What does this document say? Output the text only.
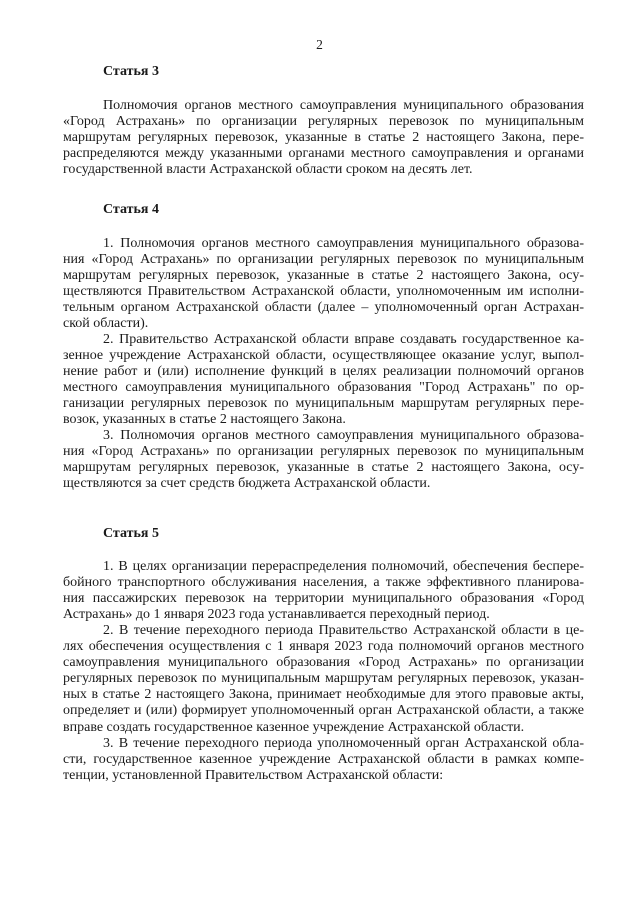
2
Статья 3
Полномочия органов местного самоуправления муниципального образования
«Город Астрахань» по организации регулярных перевозок по муниципальным
маршрутам регулярных перевозок, указанные в статье 2 настоящего Закона, пере-
распределяются между указанными органами местного самоуправления и органами
государственной власти Астраханской области сроком на десять лет.
Статья 4
1. Полномочия органов местного самоуправления муниципального образова-
ния «Город Астрахань» по организации регулярных перевозок по муниципальным
маршрутам регулярных перевозок, указанные в статье 2 настоящего Закона, осу-
ществляются Правительством Астраханской области, уполномоченным им исполни-
тельным органом Астраханской области (далее – уполномоченный орган Астрахан-
ской области).
2. Правительство Астраханской области вправе создавать государственное ка-
зенное учреждение Астраханской области, осуществляющее оказание услуг, выпол-
нение работ и (или) исполнение функций в целях реализации полномочий органов
местного самоуправления муниципального образования "Город Астрахань" по ор-
ганизации регулярных перевозок по муниципальным маршрутам регулярных пере-
возок, указанных в статье 2 настоящего Закона.
3. Полномочия органов местного самоуправления муниципального образова-
ния «Город Астрахань» по организации регулярных перевозок по муниципальным
маршрутам регулярных перевозок, указанные в статье 2 настоящего Закона, осу-
ществляются за счет средств бюджета Астраханской области.
Статья 5
1. В целях организации перераспределения полномочий, обеспечения беспере-
бойного транспортного обслуживания населения, а также эффективного планирова-
ния пассажирских перевозок на территории муниципального образования «Город
Астрахань» до 1 января 2023 года устанавливается переходный период.
2. В течение переходного периода Правительство Астраханской области в це-
лях обеспечения осуществления с 1 января 2023 года полномочий органов местного
самоуправления муниципального образования «Город Астрахань» по организации
регулярных перевозок по муниципальным маршрутам регулярных перевозок, указан-
ных в статье 2 настоящего Закона, принимает необходимые для этого правовые акты,
определяет и (или) формирует уполномоченный орган Астраханской области, а также
вправе создать государственное казенное учреждение Астраханской области.
3. В течение переходного периода уполномоченный орган Астраханской обла-
сти, государственное казенное учреждение Астраханской области в рамках компе-
тенции, установленной Правительством Астраханской области:
